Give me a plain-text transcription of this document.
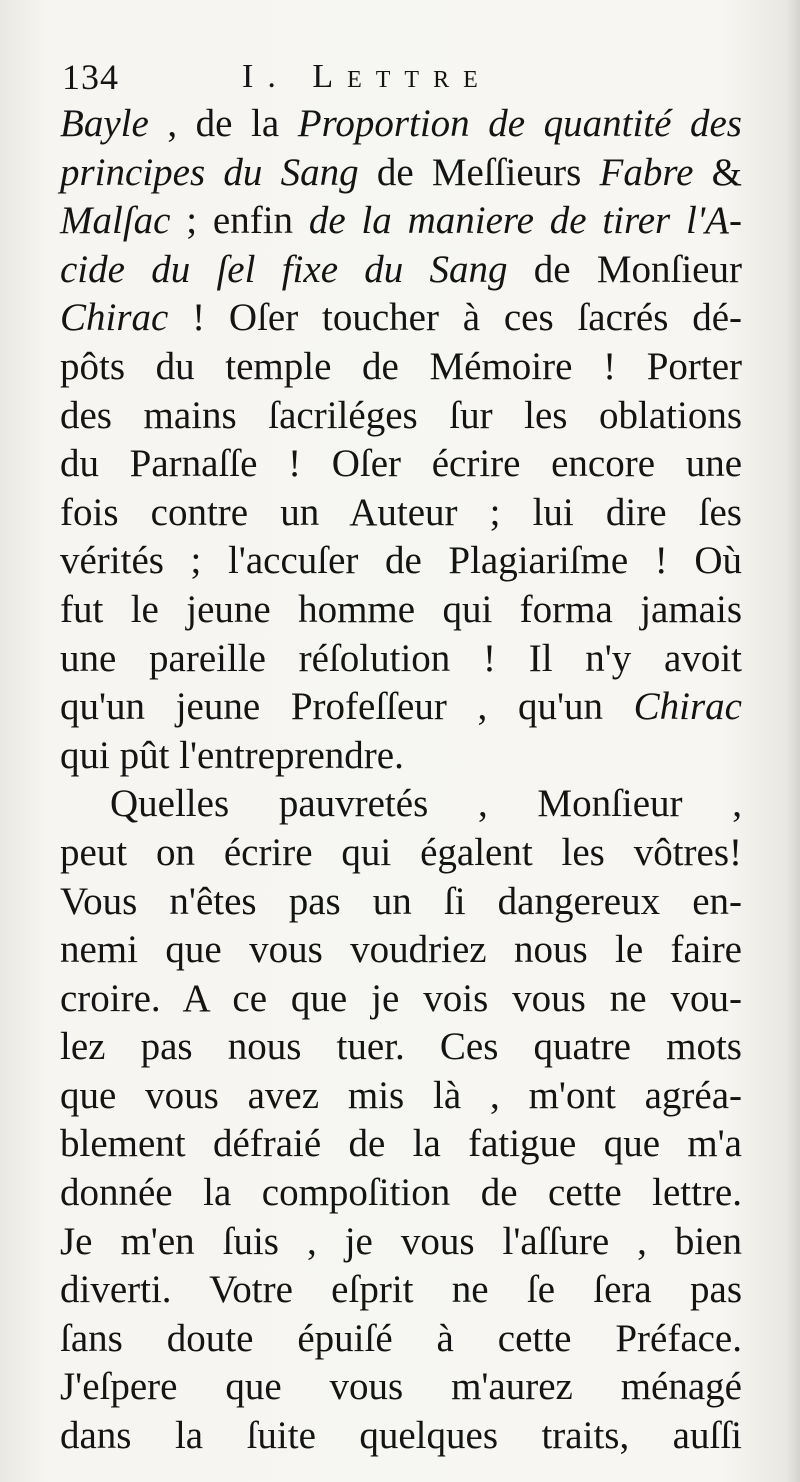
134	I. Lettre
Bayle , de la Proportion de quantité des
principes du Sang de Meſſieurs Fabre &
Malſac ; enfin de la maniere de tirer l'A-
cide du ſel fixe du Sang de Monſieur
Chirac ! Oſer toucher à ces ſacrés dé-
pôts du temple de Mémoire ! Porter
des mains ſacriléges ſur les oblations
du Parnaſſe ! Oſer écrire encore une
fois contre un Auteur ; lui dire ſes
vérités ; l'accuſer de Plagiariſme ! Où
fut le jeune homme qui forma jamais
une pareille réſolution ! Il n'y avoit
qu'un jeune Profeſſeur , qu'un Chirac
qui pût l'entreprendre.
Quelles pauvretés , Monſieur ,
peut on écrire qui égalent les vôtres!
Vous n'êtes pas un ſi dangereux en-
nemi que vous voudriez nous le faire
croire. A ce que je vois vous ne vou-
lez pas nous tuer. Ces quatre mots
que vous avez mis là , m'ont agréa-
blement défraié de la fatigue que m'a
donnée la compoſition de cette lettre.
Je m'en ſuis , je vous l'aſſure , bien
diverti. Votre eſprit ne ſe ſera pas
ſans doute épuiſé à cette Préface.
J'eſpere que vous m'aurez ménagé
dans la ſuite quelques traits, auſſi
